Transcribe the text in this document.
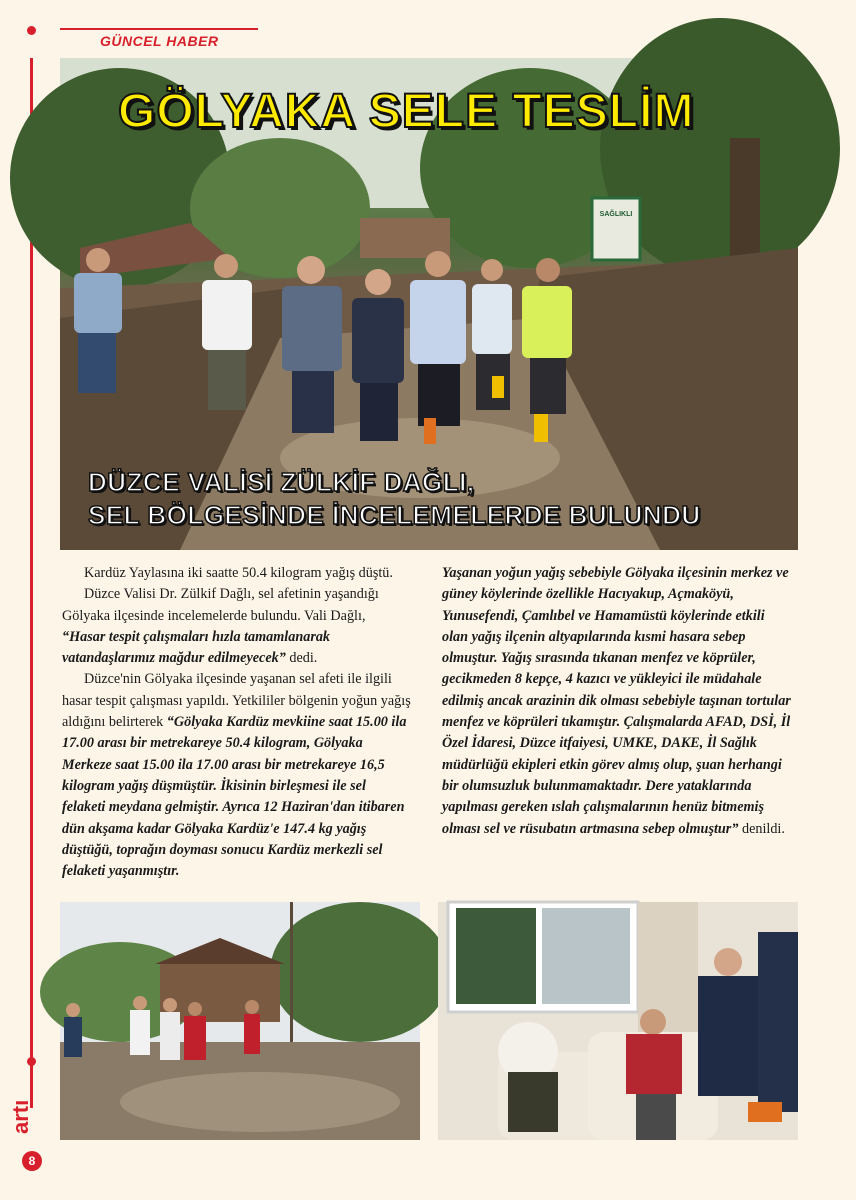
GÜNCEL HABER
SAĞLIKLI
GÖLYAKA SELE TESLİM
DÜZCE VALİSİ ZÜLKİF DAĞLI,
SEL BÖLGESİNDE İNCELEMELERDE BULUNDU

Kardüz Yaylasına iki saatte 50.4 kilogram yağış düştü.

Düzce Valisi Dr. Zülkif Dağlı, sel afetinin yaşandığı Gölyaka ilçesinde incelemelerde bulundu. Vali Dağlı, “Hasar tespit çalışmaları hızla tamamlanarak vatandaşlarımız mağdur edilmeyecek” dedi.

Düzce'nin Gölyaka ilçesinde yaşanan sel afeti ile ilgili hasar tespit çalışması yapıldı. Yetkililer bölgenin yoğun yağış aldığını belirterek “Gölyaka Kardüz mevkiine saat 15.00 ila 17.00 arası bir metrekareye 50.4 kilogram, Gölyaka Merkeze saat 15.00 ila 17.00 arası bir metrekareye 16,5 kilogram yağış düşmüştür. İkisinin birleşmesi ile sel felaketi meydana gelmiştir. Ayrıca 12 Haziran'dan itibaren dün akşama kadar Gölyaka Kardüz'e 147.4 kg yağış düştüğü, toprağın doyması sonucu Kardüz merkezli sel felaketi yaşanmıştır.

Yaşanan yoğun yağış sebebiyle Gölyaka ilçesinin merkez ve güney köylerinde özellikle Hacıyakup, Açmaköyü, Yunusefendi, Çamlıbel ve Hamamüstü köylerinde etkili olan yağış ilçenin altyapılarında kısmi hasara sebep olmuştur. Yağış sırasında tıkanan menfez ve köprüler, gecikmeden 8 kepçe, 4 kazıcı ve yükleyici ile müdahale edilmiş ancak arazinin dik olması sebebiyle taşınan tortular menfez ve köprüleri tıkamıştır. Çalışmalarda AFAD, DSİ, İl Özel İdaresi, Düzce itfaiyesi, UMKE, DAKE, İl Sağlık müdürlüğü ekipleri etkin görev almış olup, şuan herhangi bir olumsuzluk bulunmamaktadır. Dere yataklarında yapılması gereken ıslah çalışmalarının henüz bitmemiş olması sel ve rüsubatın artmasına sebep olmuştur” denildi.

artı
8
